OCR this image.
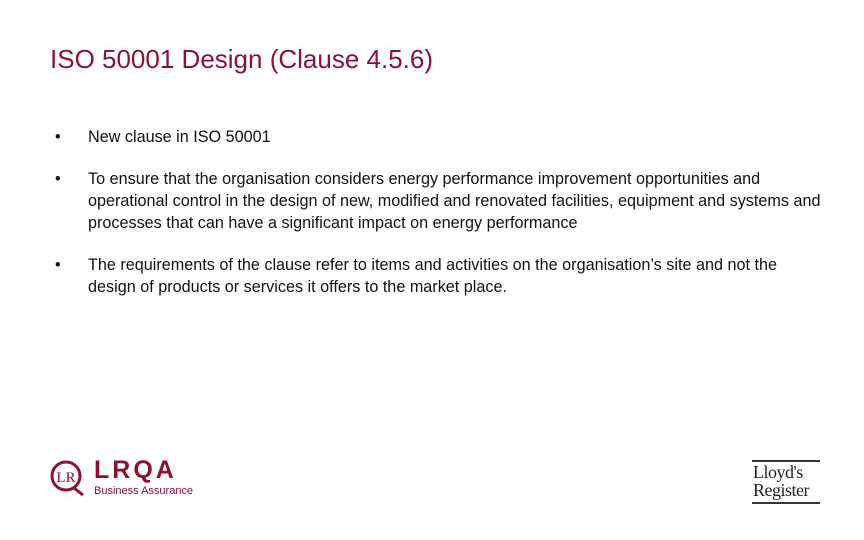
ISO 50001 Design (Clause 4.5.6)
•	New clause in ISO 50001
•	To ensure that the organisation considers energy performance improvement opportunities and operational control in the design of new, modified and renovated facilities, equipment and systems and processes that can have a significant impact on energy performance
•	The requirements of the clause refer to items and activities on the organisation’s site and not the design of products or services it offers to the market place.
LR LRQA
Business Assurance
Lloyd's
Register
